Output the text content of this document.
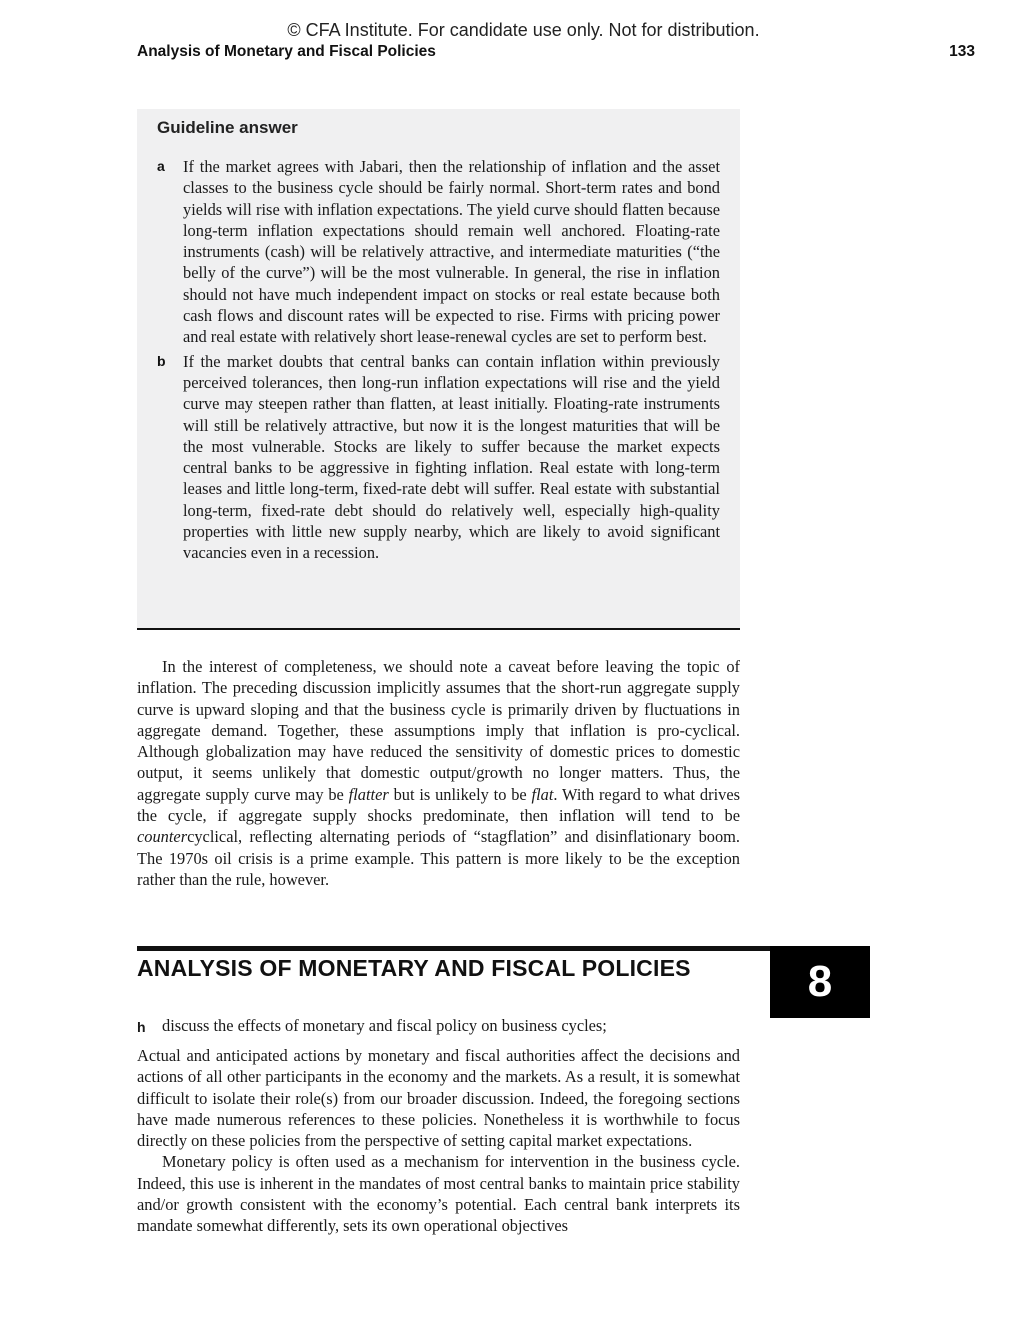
© CFA Institute. For candidate use only. Not for distribution.
Analysis of Monetary and Fiscal Policies	133
Guideline answer
a	If the market agrees with Jabari, then the relationship of inflation and the asset classes to the business cycle should be fairly normal. Short-term rates and bond yields will rise with inflation expectations. The yield curve should flatten because long-term inflation expectations should remain well anchored. Floating-rate instruments (cash) will be relatively attractive, and intermediate maturities (“the belly of the curve”) will be the most vulnerable. In general, the rise in inflation should not have much independent impact on stocks or real estate because both cash flows and discount rates will be expected to rise. Firms with pricing power and real estate with relatively short lease-renewal cycles are set to perform best.
b	If the market doubts that central banks can contain inflation within previously perceived tolerances, then long-run inflation expectations will rise and the yield curve may steepen rather than flatten, at least initially. Floating-rate instruments will still be relatively attractive, but now it is the longest maturities that will be the most vulnerable. Stocks are likely to suffer because the market expects central banks to be aggressive in fighting inflation. Real estate with long-term leases and little long-term, fixed-rate debt will suffer. Real estate with substantial long-term, fixed-rate debt should do relatively well, especially high-quality properties with little new supply nearby, which are likely to avoid significant vacancies even in a recession.

In the interest of completeness, we should note a caveat before leaving the topic of inflation. The preceding discussion implicitly assumes that the short-run aggregate supply curve is upward sloping and that the business cycle is primarily driven by fluctuations in aggregate demand. Together, these assumptions imply that inflation is pro-cyclical. Although globalization may have reduced the sensitivity of domestic prices to domestic output, it seems unlikely that domestic output/growth no longer matters. Thus, the aggregate supply curve may be flatter but is unlikely to be flat. With regard to what drives the cycle, if aggregate supply shocks predominate, then inflation will tend to be countercyclical, reflecting alternating periods of “stagflation” and disinflationary boom. The 1970s oil crisis is a prime example. This pattern is more likely to be the exception rather than the rule, however.

ANALYSIS OF MONETARY AND FISCAL POLICIES	8
h	discuss the effects of monetary and fiscal policy on business cycles;

Actual and anticipated actions by monetary and fiscal authorities affect the decisions and actions of all other participants in the economy and the markets. As a result, it is somewhat difficult to isolate their role(s) from our broader discussion. Indeed, the foregoing sections have made numerous references to these policies. Nonetheless it is worthwhile to focus directly on these policies from the perspective of setting capital market expectations.

Monetary policy is often used as a mechanism for intervention in the business cycle. Indeed, this use is inherent in the mandates of most central banks to maintain price stability and/or growth consistent with the economy’s potential. Each central bank interprets its mandate somewhat differently, sets its own operational objectives
